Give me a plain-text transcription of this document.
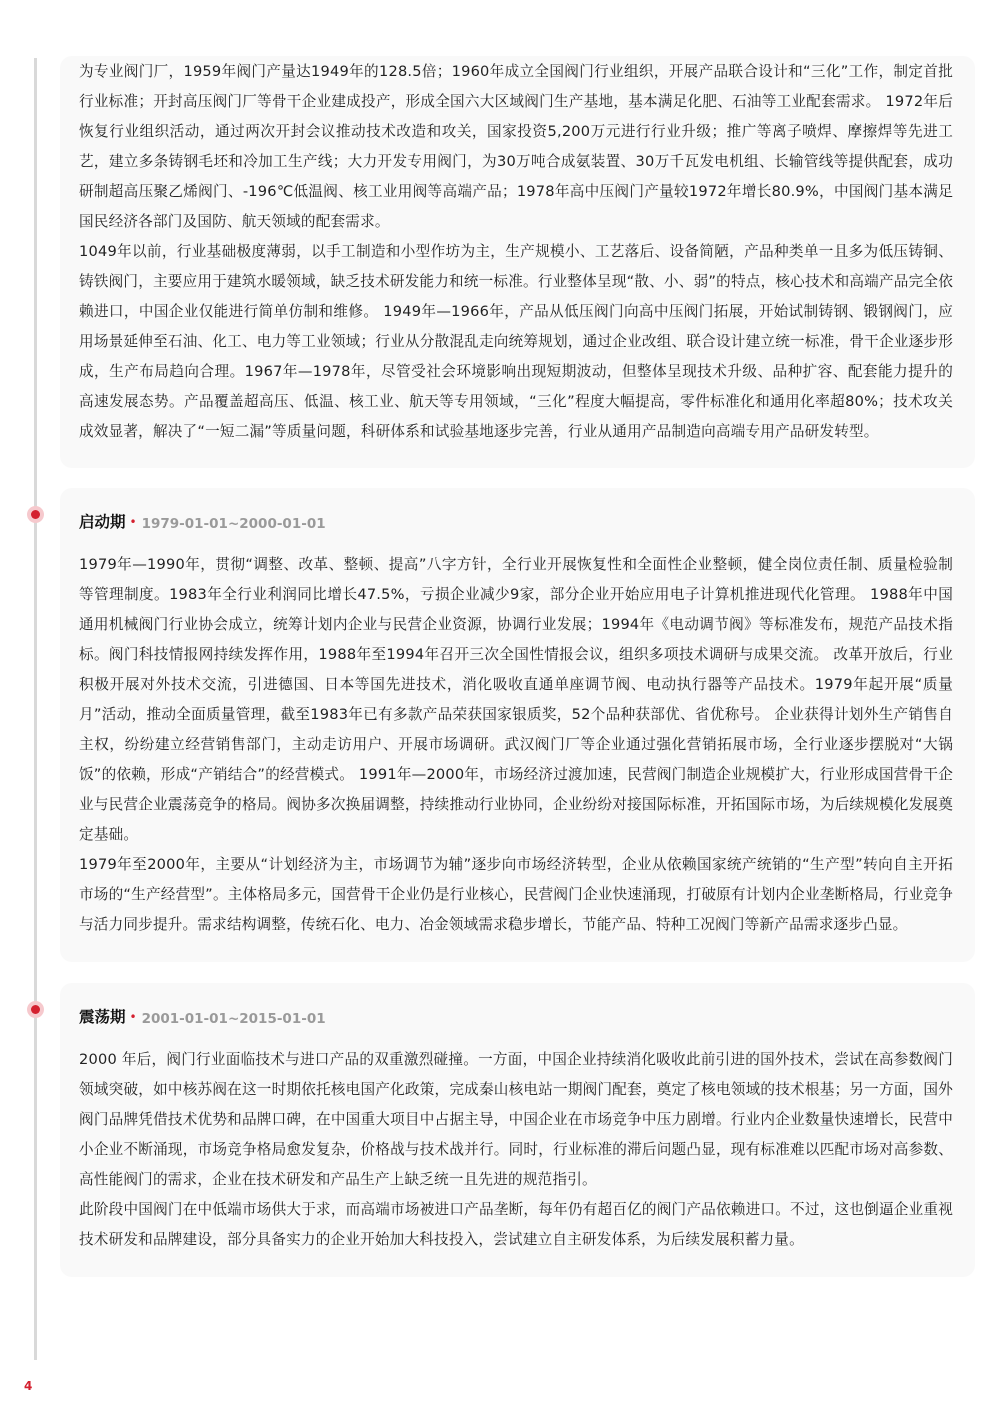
为专业阀门厂，1959年阀门产量达1949年的128.5倍；1960年成立全国阀门行业组织，开展产品联合设计和“三化”工作，制定首批行业标准；开封高压阀门厂等骨干企业建成投产，形成全国六大区域阀门生产基地，基本满足化肥、石油等工业配套需求。 1972年后恢复行业组织活动，通过两次开封会议推动技术改造和攻关，国家投资5,200万元进行行业升级；推广等离子喷焊、摩擦焊等先进工艺，建立多条铸钢毛坯和冷加工生产线；大力开发专用阀门，为30万吨合成氨装置、30万千瓦发电机组、长输管线等提供配套，成功研制超高压聚乙烯阀门、-196℃低温阀、核工业用阀等高端产品；1978年高中压阀门产量较1972年增长80.9%，中国阀门基本满足国民经济各部门及国防、航天领域的配套需求。

1049年以前，行业基础极度薄弱，以手工制造和小型作坊为主，生产规模小、工艺落后、设备简陋，产品种类单一且多为低压铸铜、铸铁阀门，主要应用于建筑水暖领域，缺乏技术研发能力和统一标准。行业整体呈现“散、小、弱”的特点，核心技术和高端产品完全依赖进口，中国企业仅能进行简单仿制和维修。 1949年—1966年，产品从低压阀门向高中压阀门拓展，开始试制铸钢、锻钢阀门，应用场景延伸至石油、化工、电力等工业领域；行业从分散混乱走向统筹规划，通过企业改组、联合设计建立统一标准，骨干企业逐步形成，生产布局趋向合理。1967年—1978年，尽管受社会环境影响出现短期波动，但整体呈现技术升级、品种扩容、配套能力提升的高速发展态势。产品覆盖超高压、低温、核工业、航天等专用领域，“三化”程度大幅提高，零件标准化和通用化率超80%；技术攻关成效显著，解决了“一短二漏”等质量问题，科研体系和试验基地逐步完善，行业从通用产品制造向高端专用产品研发转型。

启动期 • 1979-01-01~2000-01-01

1979年—1990年，贯彻“调整、改革、整顿、提高”八字方针，全行业开展恢复性和全面性企业整顿，健全岗位责任制、质量检验制等管理制度。1983年全行业利润同比增长47.5%，亏损企业减少9家，部分企业开始应用电子计算机推进现代化管理。 1988年中国通用机械阀门行业协会成立，统筹计划内企业与民营企业资源，协调行业发展；1994年《电动调节阀》等标准发布，规范产品技术指标。阀门科技情报网持续发挥作用，1988年至1994年召开三次全国性情报会议，组织多项技术调研与成果交流。 改革开放后，行业积极开展对外技术交流，引进德国、日本等国先进技术，消化吸收直通单座调节阀、电动执行器等产品技术。1979年起开展“质量月”活动，推动全面质量管理，截至1983年已有多款产品荣获国家银质奖，52个品种获部优、省优称号。 企业获得计划外生产销售自主权，纷纷建立经营销售部门，主动走访用户、开展市场调研。武汉阀门厂等企业通过强化营销拓展市场，全行业逐步摆脱对“大锅饭”的依赖，形成“产销结合”的经营模式。 1991年—2000年，市场经济过渡加速，民营阀门制造企业规模扩大，行业形成国营骨干企业与民营企业震荡竞争的格局。阀协多次换届调整，持续推动行业协同，企业纷纷对接国际标准，开拓国际市场，为后续规模化发展奠定基础。

1979年至2000年，主要从“计划经济为主，市场调节为辅”逐步向市场经济转型，企业从依赖国家统产统销的“生产型”转向自主开拓市场的“生产经营型”。主体格局多元，国营骨干企业仍是行业核心，民营阀门企业快速涌现，打破原有计划内企业垄断格局，行业竞争与活力同步提升。需求结构调整，传统石化、电力、冶金领域需求稳步增长，节能产品、特种工况阀门等新产品需求逐步凸显。

震荡期 • 2001-01-01~2015-01-01

2000 年后，阀门行业面临技术与进口产品的双重激烈碰撞。一方面，中国企业持续消化吸收此前引进的国外技术，尝试在高参数阀门领域突破，如中核苏阀在这一时期依托核电国产化政策，完成秦山核电站一期阀门配套，奠定了核电领域的技术根基；另一方面，国外阀门品牌凭借技术优势和品牌口碑，在中国重大项目中占据主导，中国企业在市场竞争中压力剧增。行业内企业数量快速增长，民营中小企业不断涌现，市场竞争格局愈发复杂，价格战与技术战并行。同时，行业标准的滞后问题凸显，现有标准难以匹配市场对高参数、高性能阀门的需求，企业在技术研发和产品生产上缺乏统一且先进的规范指引。

此阶段中国阀门在中低端市场供大于求，而高端市场被进口产品垄断，每年仍有超百亿的阀门产品依赖进口。不过，这也倒逼企业重视技术研发和品牌建设，部分具备实力的企业开始加大科技投入，尝试建立自主研发体系，为后续发展积蓄力量。

4
